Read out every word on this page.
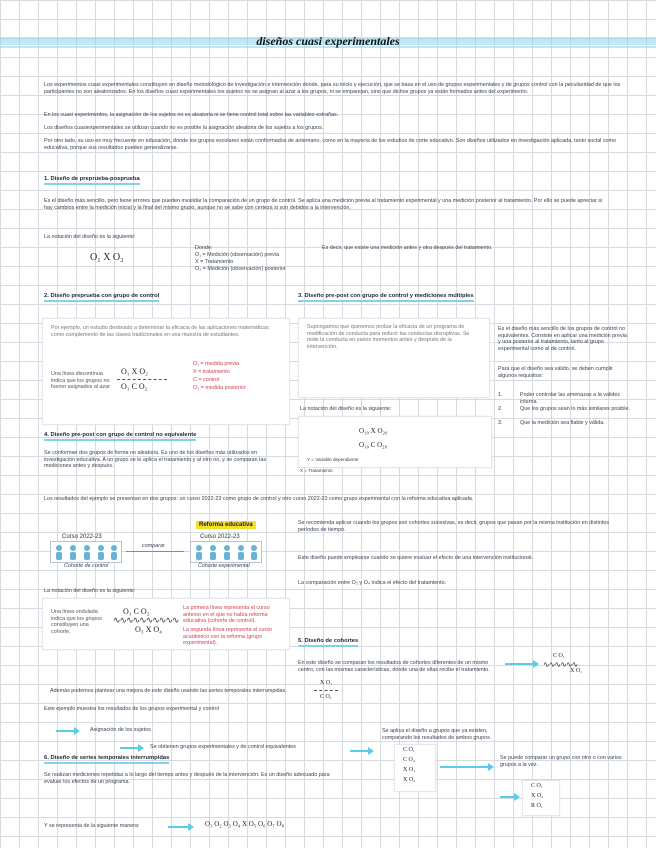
diseños cuasi experimentales
Los experimentos cuasi experimentales constituyen en diseño metodológico de investigación e intervención donde, para su inicio y ejecución, que se basa en el uso de grupos experimentales y de grupos control con la peculiaridad de que los participantes no son aleatorizados. En los diseños cuasi experimentales los sujetos no se asignan al azar a los grupos, ni se emparejan, sino que dichos grupos ya están formados antes del experimento.
En los cuasi experimentos, la asignación de los sujetos no es aleatoria ni se tiene control total sobre las variables extrañas.
Los diseños cuasiexperimentales se utilizan cuando no es posible la asignación aleatoria de los sujetos a los grupos.
Por otro lado, su uso es muy frecuente en educación, donde los grupos escolares están conformados de antemano, como en la mayoría de los estudios de corte educativo. Son diseños utilizados en investigación aplicada, tanto social como educativa, porque sus resultados pueden generalizarse.
1. Diseño de preprueba-posprueba
Es el diseño más sencillo, pero tiene errores que pueden invalidar la comparación de un grupo de control. Se aplica una medición previa al tratamiento experimental y una medición posterior al tratamiento. Por ello se puede apreciar si hay cambios entre la medición inicial y la final del mismo grupo, aunque no se sabe con certeza si son debidos a la intervención.
La notación del diseño es la siguiente:
O₁ X O₂
Donde:
O₁ = Medición (observación) previa
X = Tratamiento
O₂ = Medición (observación) posterior
Es decir, que existe una medición antes y otra después del tratamiento.
2. Diseño preprueba con grupo de control
Por ejemplo, un estudio destinado a determinar la eficacia de las aplicaciones matemáticas como complemento de las clases tradicionales en una muestra de estudiantes.
Una línea discontinua indica que los grupos no fueron asignados al azar
O₁ X O₂
O₁ C O₂
O₁ = medida previa
X = tratamiento
C = control
O₂ = medida posterior
3. Diseño pre-post con grupo de control y mediciones múltiples
Supongamos que queremos probar la eficacia de un programa de modificación de conducta para reducir las conductas disruptivas. Se mide la conducta en varios momentos antes y después de la intervención.
Es el diseño más sencillo de los grupos de control no equivalentes. Consiste en aplicar una medición previa y una posterior al tratamiento, tanto al grupo experimental como al de control.
Para que el diseño sea válido, se deben cumplir algunos requisitos:
1.	Poder controlar las amenazas a la validez interna.
2.	Que los grupos sean lo más similares posible.
3.	Que la medición sea fiable y válida.
La notación del diseño es la siguiente:
O₁₀ X O₂₀
O₁₀ C O₂₀
Y = Variable dependiente
X = Tratamiento
4. Diseño pre-post con grupo de control no equivalente
Se conforman dos grupos de forma no aleatoria. Es uno de los diseños más utilizados en investigación educativa. A un grupo se le aplica el tratamiento y al otro no, y se comparan las mediciones antes y después.
Los resultados del ejemplo se presentan en dos grupos: un curso 2022-23 como grupo de control y otro curso 2022-23 como grupo experimental con la reforma educativa aplicada.
Reforma educativa
Curso 2022-23	Curso 2022-23
comparar
Cohorte de control	Cohorte experimental
La notación del diseño es la siguiente:
Una línea ondulada indica que los grupos constituyen una cohorte.
O₁ C O₂
∿∿∿∿∿∿∿∿∿∿
O₃ X O₄
La primera línea representa el curso anterior en el que no había reforma educativa (cohorte de control).
La segunda línea representa el curso académico con la reforma (grupo experimental).
Se recomienda aplicar cuando los grupos son cohortes sucesivas, es decir, grupos que pasan por la misma institución en distintos períodos de tiempo.
Este diseño puede emplearse cuando se quiere evaluar el efecto de una intervención institucional.
La comparación entre O₂ y O₄ indica el efecto del tratamiento.
5. Diseño de cohortes
En este diseño se comparan los resultados de cohortes diferentes de un mismo centro, con las mismas características, donde una de ellas recibe el tratamiento.
C O₁
∿∿∿∿∿∿
X O₁
Además podemos plantear una mejora de este diseño usando las series temporales interrumpidas.
X O₁
C O₁
Este ejemplo muestra los resultados de los grupos experimental y control
Asignación de los sujetos
Se obtienen grupos experimentales y de control equivalentes
Se aplica el diseño a grupos que ya existen, comparando los resultados de ambos grupos.
C O₁
C O₂
X O₁
X O₂
Se puede comparar un grupo con otro o con varios grupos a la vez.
6. Diseño de series temporales interrumpidas
Se realizan mediciones repetidas a lo largo del tiempo antes y después de la intervención. Es un diseño adecuado para evaluar los efectos de un programa.
Y se representa de la siguiente manera:	O₁ O₂ O₃ O₄ X O₅ O₆ O₇ O₈
C O₁
X O₂
R O₁
